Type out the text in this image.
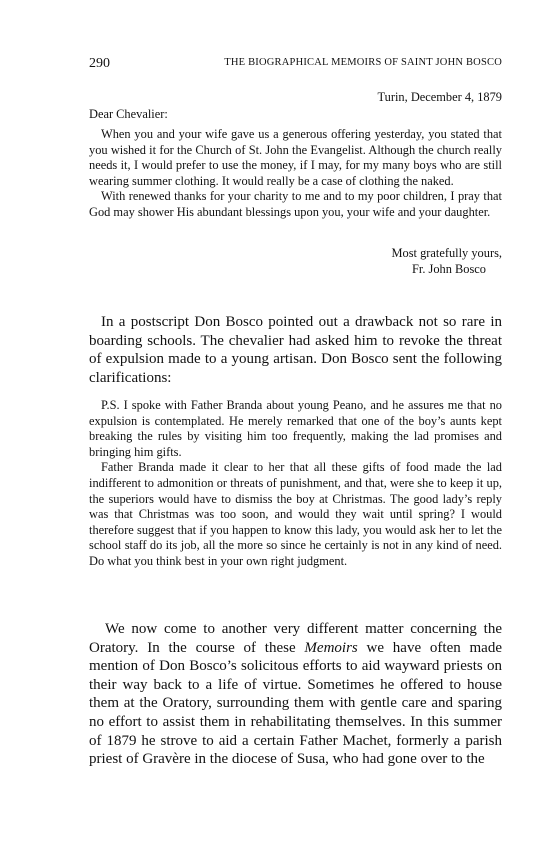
290	THE BIOGRAPHICAL MEMOIRS OF SAINT JOHN BOSCO
Turin, December 4, 1879
Dear Chevalier:

When you and your wife gave us a generous offering yesterday, you stated that you wished it for the Church of St. John the Evangelist. Although the church really needs it, I would prefer to use the money, if I may, for my many boys who are still wearing summer clothing. It would really be a case of clothing the naked.

With renewed thanks for your charity to me and to my poor children, I pray that God may shower His abundant blessings upon you, your wife and your daughter.

Most gratefully yours,
Fr. John Bosco

In a postscript Don Bosco pointed out a drawback not so rare in boarding schools. The chevalier had asked him to revoke the threat of expulsion made to a young artisan. Don Bosco sent the following clarifications:

P.S. I spoke with Father Branda about young Peano, and he assures me that no expulsion is contemplated. He merely remarked that one of the boy’s aunts kept breaking the rules by visiting him too frequently, making the lad promises and bringing him gifts.

Father Branda made it clear to her that all these gifts of food made the lad indifferent to admonition or threats of punishment, and that, were she to keep it up, the superiors would have to dismiss the boy at Christmas. The good lady’s reply was that Christmas was too soon, and would they wait until spring? I would therefore suggest that if you happen to know this lady, you would ask her to let the school staff do its job, all the more so since he certainly is not in any kind of need. Do what you think best in your own right judgment.

We now come to another very different matter concerning the Oratory. In the course of these Memoirs we have often made mention of Don Bosco’s solicitous efforts to aid wayward priests on their way back to a life of virtue. Sometimes he offered to house them at the Oratory, surrounding them with gentle care and sparing no effort to assist them in rehabilitating themselves. In this summer of 1879 he strove to aid a certain Father Machet, formerly a parish priest of Gravère in the diocese of Susa, who had gone over to the
